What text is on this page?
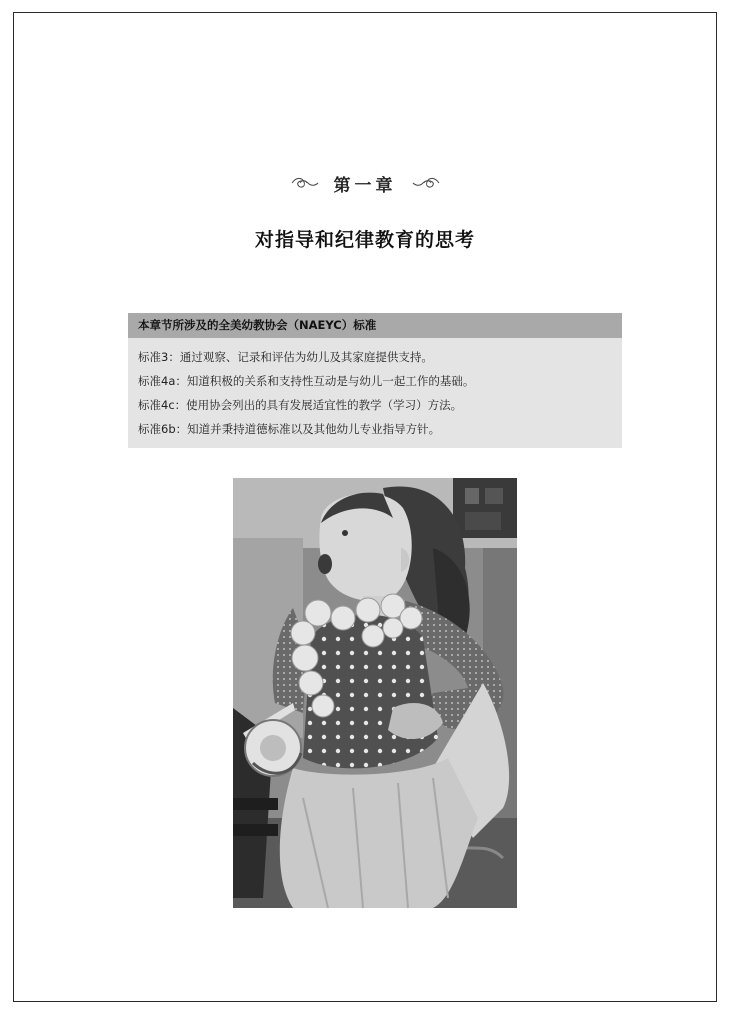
第一章
对指导和纪律教育的思考
本章节所涉及的全美幼教协会（NAEYC）标准
标准3：通过观察、记录和评估为幼儿及其家庭提供支持。
标准4a：知道积极的关系和支持性互动是与幼儿一起工作的基础。
标准4c：使用协会列出的具有发展适宜性的教学（学习）方法。
标准6b：知道并秉持道德标准以及其他幼儿专业指导方针。
